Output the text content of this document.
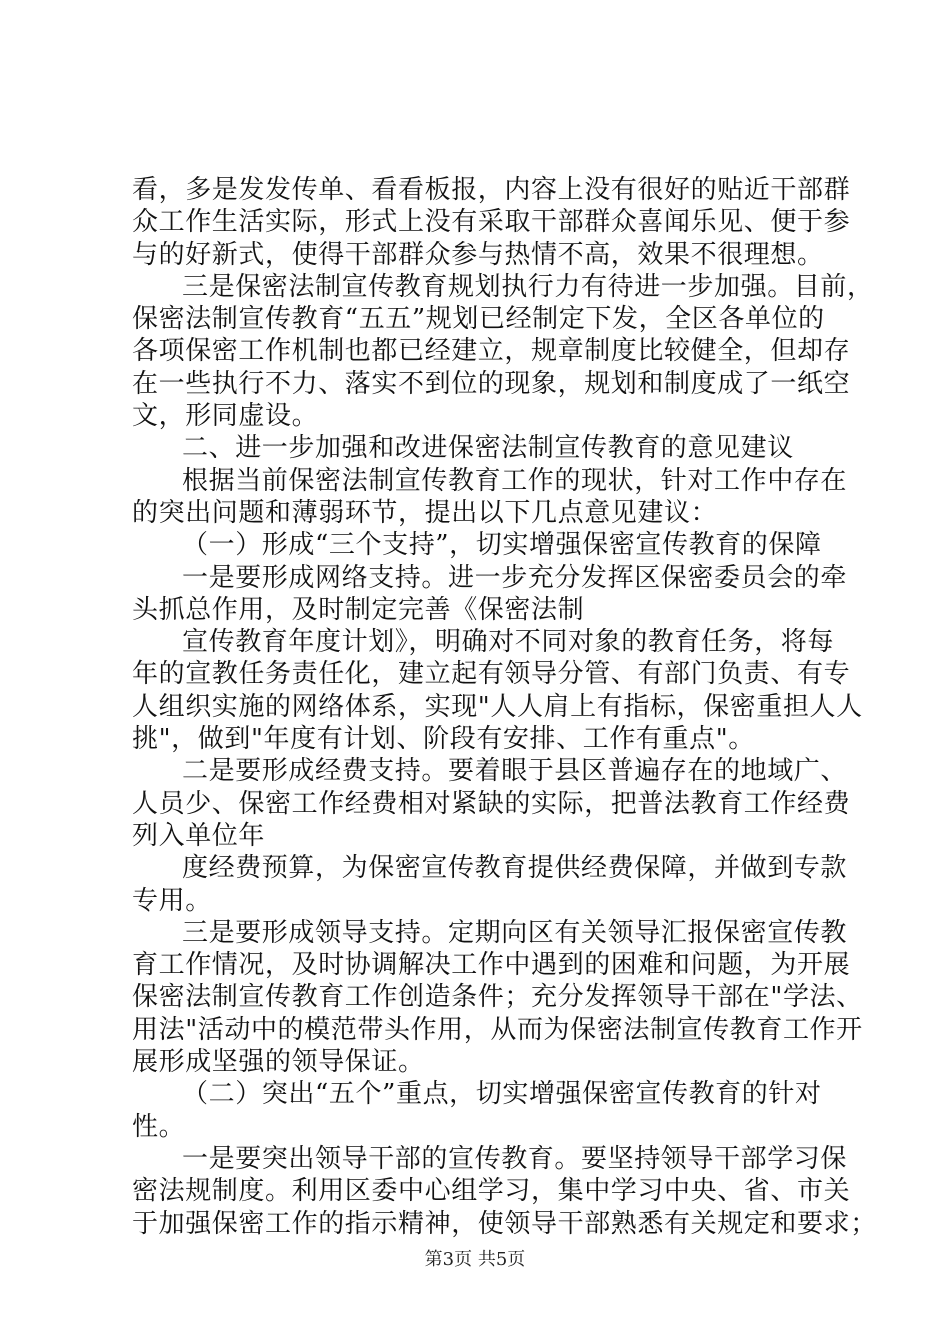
看，多是发发传单、看看板报，内容上没有很好的贴近干部群
众工作生活实际，形式上没有采取干部群众喜闻乐见、便于参
与的好新式，使得干部群众参与热情不高，效果不很理想。
三是保密法制宣传教育规划执行力有待进一步加强。目前，
保密法制宣传教育“五五”规划已经制定下发，全区各单位的
各项保密工作机制也都已经建立，规章制度比较健全，但却存
在一些执行不力、落实不到位的现象，规划和制度成了一纸空
文，形同虚设。
二、进一步加强和改进保密法制宣传教育的意见建议
根据当前保密法制宣传教育工作的现状，针对工作中存在
的突出问题和薄弱环节，提出以下几点意见建议：
（一）形成“三个支持”，切实增强保密宣传教育的保障
一是要形成网络支持。进一步充分发挥区保密委员会的牵
头抓总作用，及时制定完善《保密法制
宣传教育年度计划》，明确对不同对象的教育任务，将每
年的宣教任务责任化，建立起有领导分管、有部门负责、有专
人组织实施的网络体系，实现"人人肩上有指标，保密重担人人
挑"，做到"年度有计划、阶段有安排、工作有重点"。
二是要形成经费支持。要着眼于县区普遍存在的地域广、
人员少、保密工作经费相对紧缺的实际，把普法教育工作经费
列入单位年
度经费预算，为保密宣传教育提供经费保障，并做到专款
专用。
三是要形成领导支持。定期向区有关领导汇报保密宣传教
育工作情况，及时协调解决工作中遇到的困难和问题，为开展
保密法制宣传教育工作创造条件；充分发挥领导干部在"学法、
用法"活动中的模范带头作用，从而为保密法制宣传教育工作开
展形成坚强的领导保证。
（二）突出“五个”重点，切实增强保密宣传教育的针对
性。
一是要突出领导干部的宣传教育。要坚持领导干部学习保
密法规制度。利用区委中心组学习，集中学习中央、省、市关
于加强保密工作的指示精神，使领导干部熟悉有关规定和要求；
第3页 共5页
